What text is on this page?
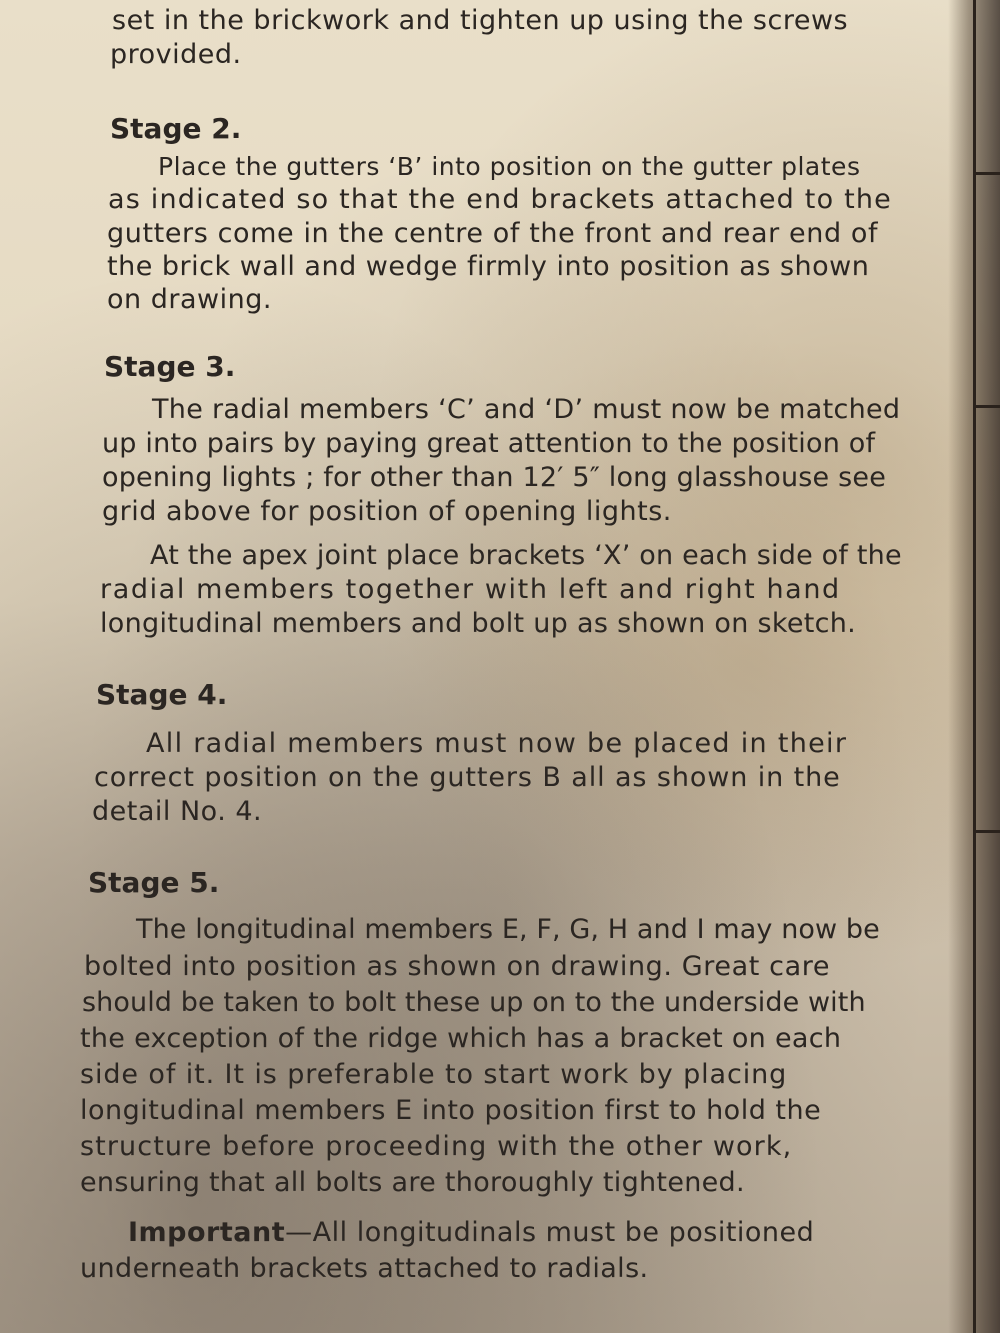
set in the brickwork and tighten up using the screws
provided.
Stage 2.
Place the gutters ‘B’ into position on the gutter plates
as indicated so that the end brackets attached to the
gutters come in the centre of the front and rear end of
the brick wall and wedge firmly into position as shown
on drawing.
Stage 3.
The radial members ‘C’ and ‘D’ must now be matched
up into pairs by paying great attention to the position of
opening lights ; for other than 12′ 5″ long glasshouse see
grid above for position of opening lights.
At the apex joint place brackets ‘X’ on each side of the
radial members together with left and right hand
longitudinal members and bolt up as shown on sketch.
Stage 4.
All radial members must now be placed in their
correct position on the gutters B all as shown in the
detail No. 4.
Stage 5.
The longitudinal members E, F, G, H and I may now be
bolted into position as shown on drawing. Great care
should be taken to bolt these up on to the underside with
the exception of the ridge which has a bracket on each
side of it. It is preferable to start work by placing
longitudinal members E into position first to hold the
structure before proceeding with the other work,
ensuring that all bolts are thoroughly tightened.
Important—All longitudinals must be positioned
underneath brackets attached to radials.
